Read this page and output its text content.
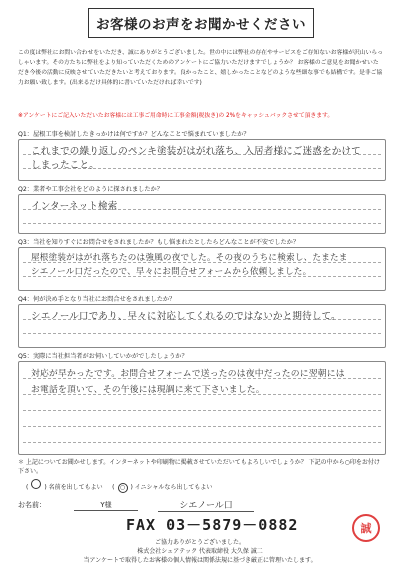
お客様のお声をお聞かせください
この度は弊社にお問い合わせをいただき、誠にありがとうございました。世の中には弊社の存在やサービスをご存知ないお客様が沢山いらっしゃいます。その方たちに弊社をより知っていただくためのアンケートにご協力いただけますでしょうか？ お客様のご意見をお聞かせいただき今後の活動に反映させていただきたいと考えております。良かったこと、嬉しかったことなどのような些細な事でも結構です。是非ご協力お願い致します。(出来るだけ具体的に書いていただければ幸いです)
※アンケートにご記入いただいたお客様には工事ご用命時に工事金額(税抜き)の 2%をキャッシュバックさせて頂きます。
Q1：屋根工事を検討したきっかけは何ですか？どんなことで悩まれていましたか？
これまでの繰り返しのペンキ塗装がはがれ落ち、入居者様にご迷惑をかけて
しまったこと。
Q2：業者や工事会社をどのように探されましたか？
インターネット検索
Q3：当社を知りすぐにお問合せをされましたか？もし悩まれたとしたらどんなことが不安でしたか？
屋根塗装がはがれ落ちたのは強風の夜でした。その夜のうちに検索し、たまたま
シエノール口だったので、早々にお問合せフォームから依頼しました。
Q4：何が決め手となり当社にお問合せをされましたか？
シエノール口であり、早々に対応してくれるのではないかと期待して。
Q5：実際に当社担当者がお伺いしていかがでしたしょうか？
対応が早かったです。お問合せフォームで送ったのは夜中だったのに翌朝には
お電話を頂いて、その午後には現調に来て下さいました。
＊ 上記についてお聞かせします。インターネットや印刷物に掲載させていただいてもよろしいでしょうか？ 下記の中から○印をお付け下さい。
(	) 名前を出してもよい     ( ○ ) イニシャルなら出してもよい
お名前：	Y様	シエノール口
FAX 03－5879－0882	誠
ご協力ありがとうございました。
株式会社シェアテック 代表取締役 大久保 誠二
当アンケートで取得したお客様の個人情報は関係法規に基づき厳正に管理いたします。
